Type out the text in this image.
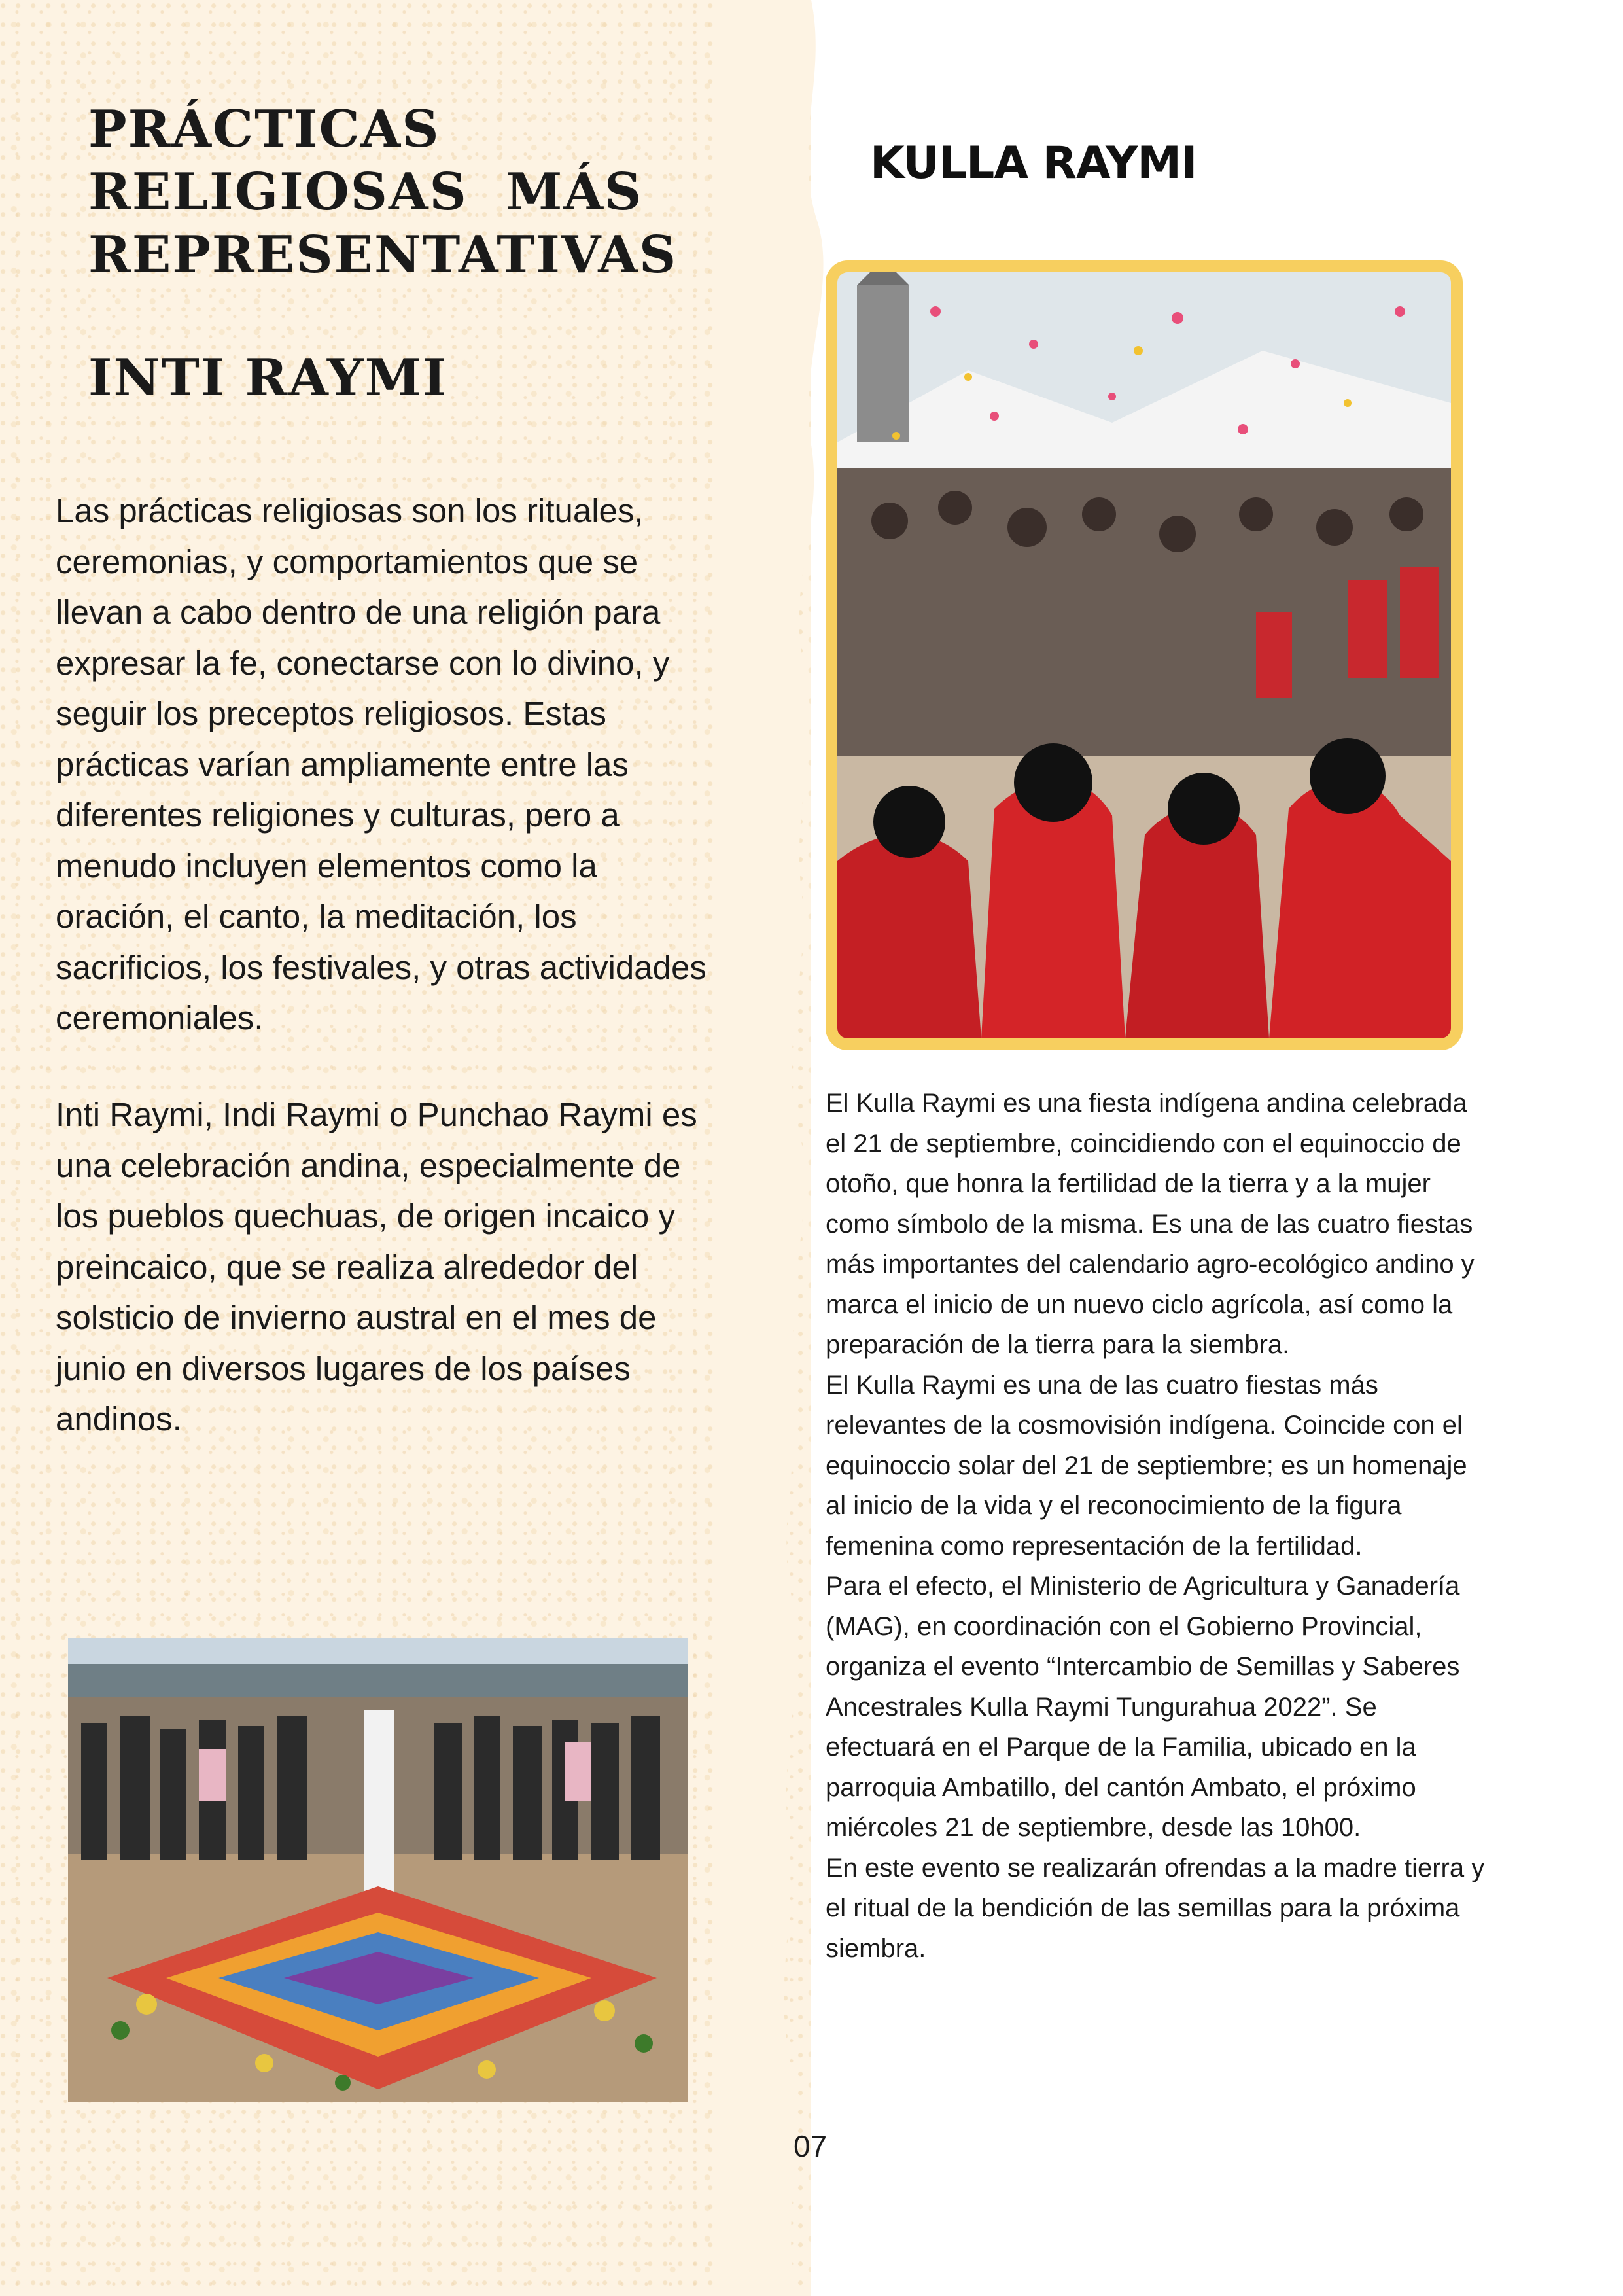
PRÁCTICAS
RELIGIOSAS  MÁS
REPRESENTATIVAS
INTI RAYMI

Las prácticas religiosas son los rituales, ceremonias, y comportamientos que se llevan a cabo dentro de una religión para expresar la fe, conectarse con lo divino, y seguir los preceptos religiosos. Estas prácticas varían ampliamente entre las diferentes religiones y culturas, pero a menudo incluyen elementos como la oración, el canto, la meditación, los sacrificios, los festivales, y otras actividades ceremoniales.

Inti Raymi, Indi Raymi o Punchao Raymi es una celebración andina, especialmente de los pueblos quechuas, de origen incaico y preincaico, que se realiza alrededor del solsticio de invierno austral en el mes de junio en diversos lugares de los países andinos.

KULLA RAYMI

El Kulla Raymi es una fiesta indígena andina celebrada el 21 de septiembre, coincidiendo con el equinoccio de otoño, que honra la fertilidad de la tierra y a la mujer como símbolo de la misma. Es una de las cuatro fiestas más importantes del calendario agro-ecológico andino y marca el inicio de un nuevo ciclo agrícola, así como la preparación de la tierra para la siembra.

El Kulla Raymi es una de las cuatro fiestas más relevantes de la cosmovisión indígena. Coincide con el equinoccio solar del 21 de septiembre; es un homenaje al inicio de la vida y el reconocimiento de la figura femenina como representación de la fertilidad.

Para el efecto, el Ministerio de Agricultura y Ganadería (MAG), en coordinación con el Gobierno Provincial, organiza el evento “Intercambio de Semillas y Saberes Ancestrales Kulla Raymi Tungurahua 2022”. Se efectuará en el Parque de la Familia, ubicado en la parroquia Ambatillo, del cantón Ambato, el próximo miércoles 21 de septiembre, desde las 10h00.

En este evento se realizarán ofrendas a la madre tierra y el ritual de la bendición de las semillas para la próxima siembra.

07
